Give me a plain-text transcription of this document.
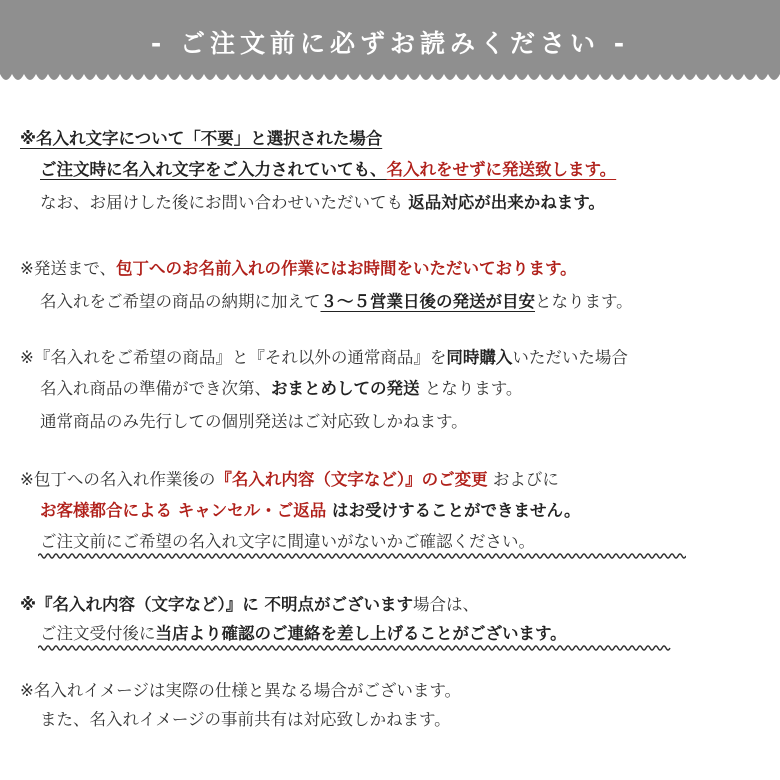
- ご注文前に必ずお読みください -
※名入れ文字について「不要」と選択された場合
ご注文時に名入れ文字をご入力されていても、名入れをせずに発送致します。
なお、お届けした後にお問い合わせいただいても 返品対応が出来かねます。
※発送まで、包丁へのお名前入れの作業にはお時間をいただいております。
名入れをご希望の商品の納期に加えて３～５営業日後の発送が目安となります。
※『名入れをご希望の商品』と『それ以外の通常商品』を同時購入いただいた場合
名入れ商品の準備ができ次第、おまとめしての発送 となります。
通常商品のみ先行しての個別発送はご対応致しかねます。
※包丁への名入れ作業後の『名入れ内容（文字など）』のご変更 およびに
お客様都合による キャンセル・ご返品 はお受けすることができません。
ご注文前にご希望の名入れ文字に間違いがないかご確認ください。
※『名入れ内容（文字など）』に 不明点がございます場合は、
ご注文受付後に当店より確認のご連絡を差し上げることがございます。
※名入れイメージは実際の仕様と異なる場合がございます。
また、名入れイメージの事前共有は対応致しかねます。
